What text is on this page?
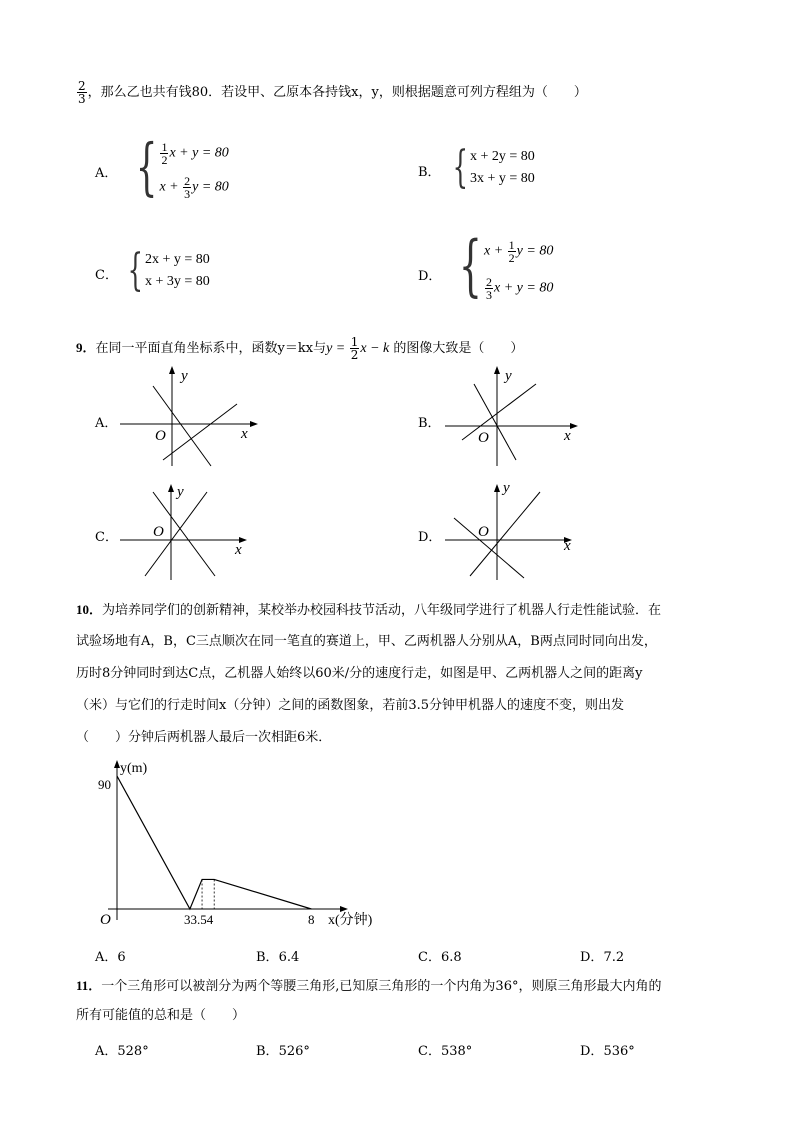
$\frac{2}{3}$ ，那么乙也共有钱80．若设甲、乙原本各持钱x，y，则根据题意可列方程组为（　　）
A． { $\frac{1}{2}$ x + y = 80
$x + \frac{2}{3}$ y = 80
B． { x + 2y = 80
3x + y = 80
C． { 2x + y = 80
x + 3y = 80	D． { $x + \frac{1}{2}$ y = 80
$\frac{2}{3}$ x + y = 80
9．在同一平面直角坐标系中，函数y＝kx与$y = \frac{1}{2}$ x − k 的图像大致是（　　）
A．
O	x
y
B．
O	x
y
C． O
x
y
D． O
x
y
10．为培养同学们的创新精神，某校举办校园科技节活动，八年级同学进行了机器人行走性能试验．在
试验场地有A，B，C三点顺次在同一笔直的赛道上，甲、乙两机器人分别从A，B两点同时同向出发，
历时8分钟同时到达C点，乙机器人始终以60米/分的速度行走，如图是甲、乙两机器人之间的距离y
（米）与它们的行走时间x（分钟）之间的函数图象，若前3.5分钟甲机器人的速度不变，则出发
（　　）分钟后两机器人最后一次相距6米．
y(m)
90
O	33.54	8 x(分钟)
A．6	B．6.4	C．6.8	D．7.2
11．一个三角形可以被剖分为两个等腰三角形,已知原三角形的一个内角为36°，则原三角形最大内角的
所有可能值的总和是（　　）
A．528°	B．526°	C．538°	D．536°
